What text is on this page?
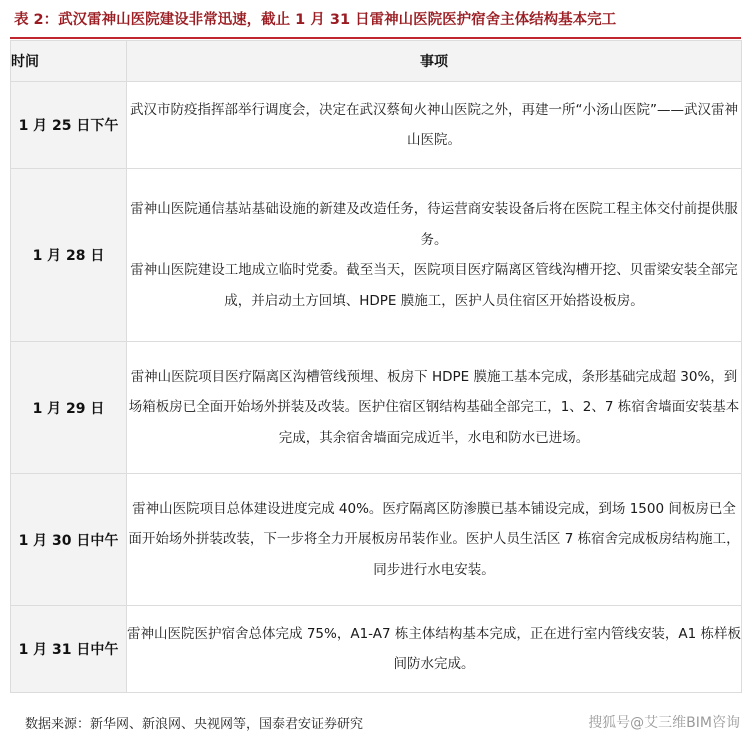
表 2：武汉雷神山医院建设非常迅速，截止 1 月 31 日雷神山医院医护宿舍主体结构基本完工
时间	事项
1 月 25 日下午	武汉市防疫指挥部举行调度会，决定在武汉蔡甸火神山医院之外，再建一所“小汤山医院”——武汉雷神山医院。

1 月 28 日	雷神山医院通信基站基础设施的新建及改造任务，待运营商安装设备后将在医院工程主体交付前提供服务。

雷神山医院建设工地成立临时党委。截至当天，医院项目医疗隔离区管线沟槽开挖、贝雷梁安装全部完成，并启动土方回填、HDPE 膜施工，医护人员住宿区开始搭设板房。

1 月 29 日	雷神山医院项目医疗隔离区沟槽管线预埋、板房下 HDPE 膜施工基本完成，条形基础完成超 30%，到场箱板房已全面开始场外拼装及改装。医护住宿区钢结构基础全部完工，1、2、7 栋宿舍墙面安装基本完成，其余宿舍墙面完成近半，水电和防水已进场。

1 月 30 日中午	雷神山医院项目总体建设进度完成 40%。医疗隔离区防渗膜已基本铺设完成，到场 1500 间板房已全面开始场外拼装改装，下一步将全力开展板房吊装作业。医护人员生活区 7 栋宿舍完成板房结构施工，同步进行水电安装。

1 月 31 日中午	雷神山医院医护宿舍总体完成 75%，A1-A7 栋主体结构基本完成，正在进行室内管线安装，A1 栋样板间防水完成。

数据来源：新华网、新浪网、央视网等，国泰君安证券研究	搜狐号@艾三维BIM咨询
